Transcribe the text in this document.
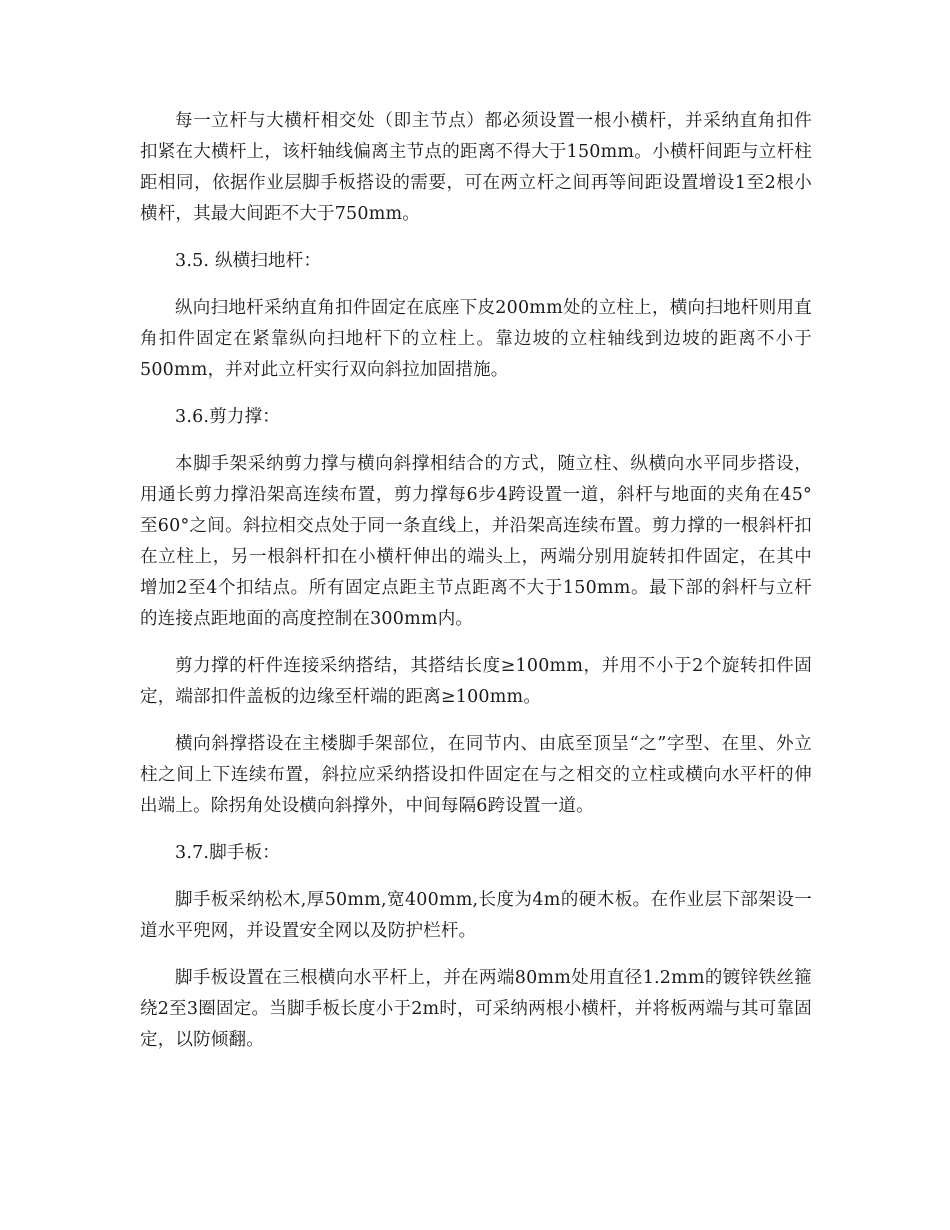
每一立杆与大横杆相交处（即主节点）都必须设置一根小横杆，并采纳直角扣件扣紧在大横杆上，该杆轴线偏离主节点的距离不得大于150mm。小横杆间距与立杆柱距相同，依据作业层脚手板搭设的需要，可在两立杆之间再等间距设置增设1至2根小横杆，其最大间距不大于750mm。

3.5. 纵横扫地杆：

纵向扫地杆采纳直角扣件固定在底座下皮200mm处的立柱上，横向扫地杆则用直角扣件固定在紧靠纵向扫地杆下的立柱上。靠边坡的立柱轴线到边坡的距离不小于500mm，并对此立杆实行双向斜拉加固措施。

3.6.剪力撑：

本脚手架采纳剪力撑与横向斜撑相结合的方式，随立柱、纵横向水平同步搭设，用通长剪力撑沿架高连续布置，剪力撑每6步4跨设置一道，斜杆与地面的夹角在45°至60°之间。斜拉相交点处于同一条直线上，并沿架高连续布置。剪力撑的一根斜杆扣在立柱上，另一根斜杆扣在小横杆伸出的端头上，两端分别用旋转扣件固定，在其中增加2至4个扣结点。所有固定点距主节点距离不大于150mm。最下部的斜杆与立杆的连接点距地面的高度控制在300mm内。

剪力撑的杆件连接采纳搭结，其搭结长度≥100mm，并用不小于2个旋转扣件固定，端部扣件盖板的边缘至杆端的距离≥100mm。

横向斜撑搭设在主楼脚手架部位，在同节内、由底至顶呈“之”字型、在里、外立柱之间上下连续布置，斜拉应采纳搭设扣件固定在与之相交的立柱或横向水平杆的伸出端上。除拐角处设横向斜撑外，中间每隔6跨设置一道。

3.7.脚手板：

脚手板采纳松木,厚50mm,宽400mm,长度为4m的硬木板。在作业层下部架设一道水平兜网，并设置安全网以及防护栏杆。

脚手板设置在三根横向水平杆上，并在两端80mm处用直径1.2mm的镀锌铁丝箍绕2至3圈固定。当脚手板长度小于2m时，可采纳两根小横杆，并将板两端与其可靠固定，以防倾翻。
